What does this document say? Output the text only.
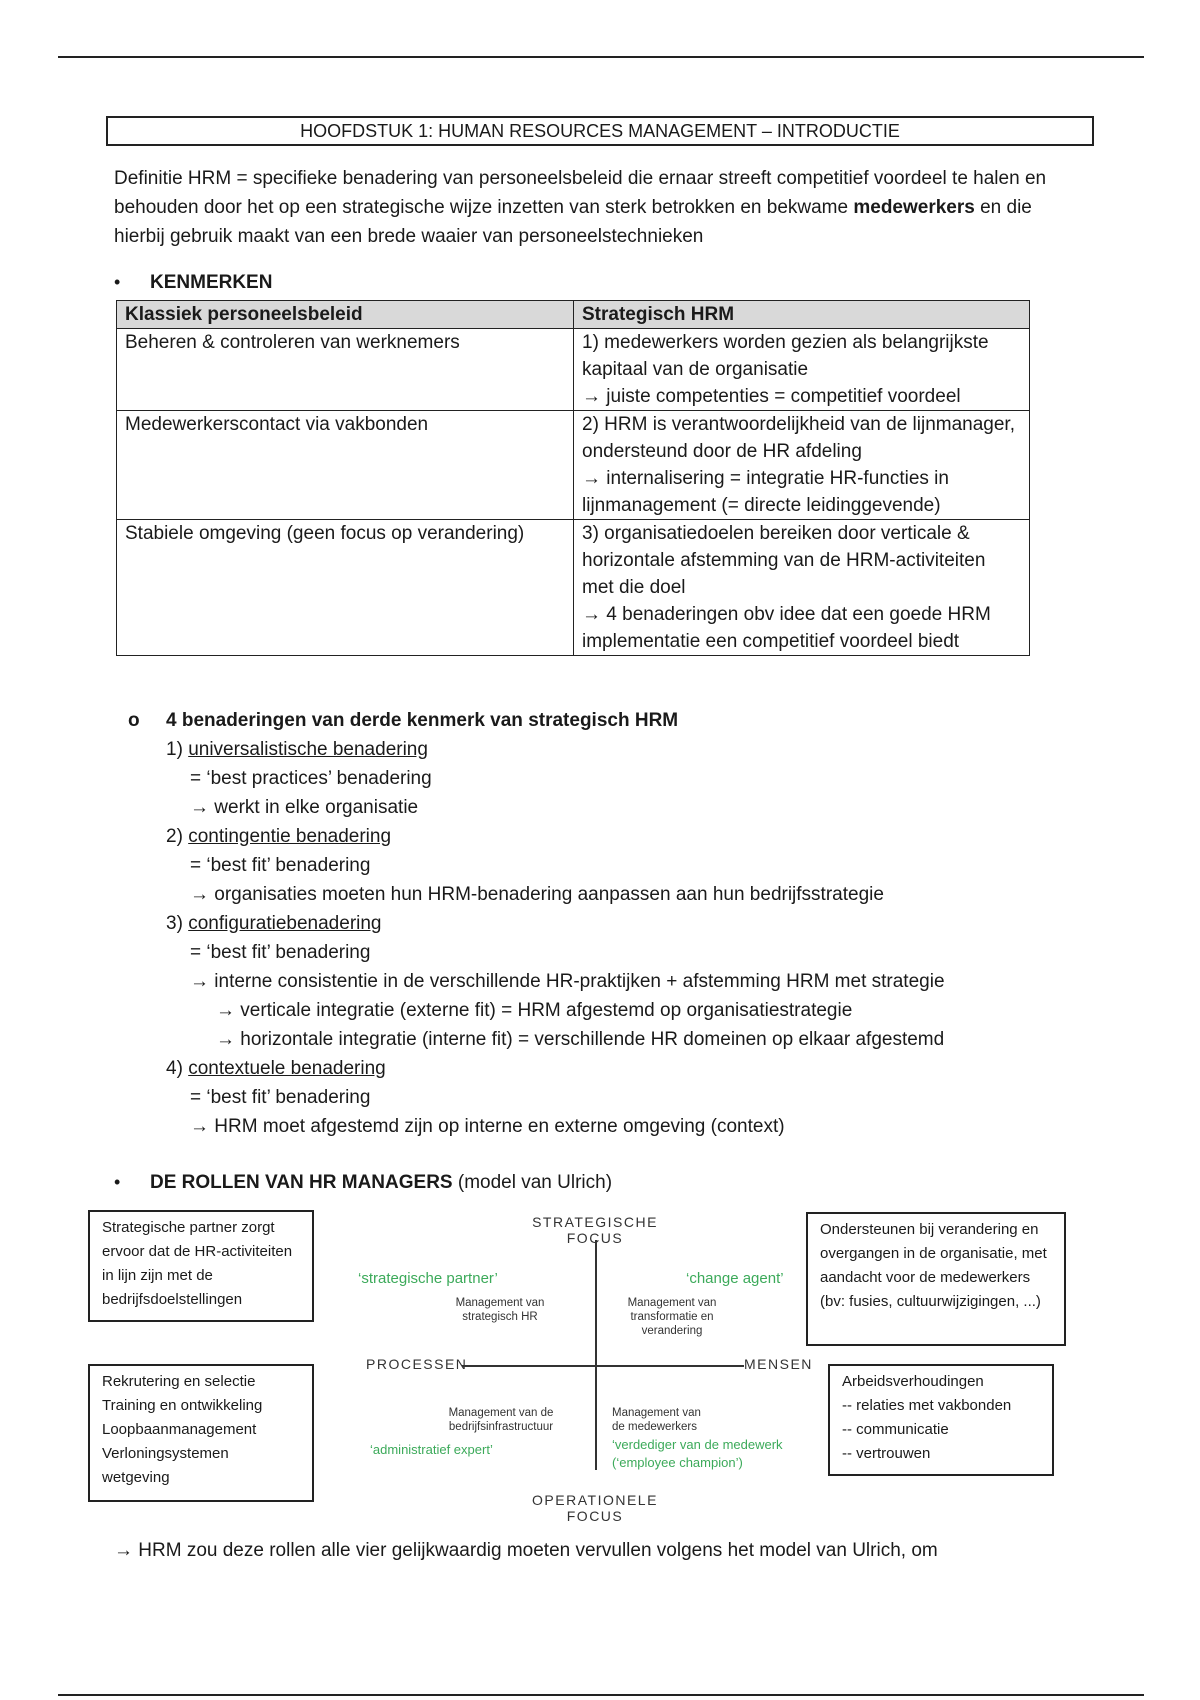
HOOFDSTUK 1: HUMAN RESOURCES MANAGEMENT – INTRODUCTIE
Definitie HRM = specifieke benadering van personeelsbeleid die ernaar streeft competitief voordeel te halen en behouden door het op een strategische wijze inzetten van sterk betrokken en bekwame medewerkers en die hierbij gebruik maakt van een brede waaier van personeelstechnieken
• KENMERKEN
Klassiek personeelsbeleid	Strategisch HRM
Beheren & controleren van werknemers	1) medewerkers worden gezien als belangrijkste kapitaal van de organisatie
→ juiste competenties = competitief voordeel

Medewerkerscontact via vakbonden	2) HRM is verantwoordelijkheid van de lijnmanager, ondersteund door de HR afdeling
→ internalisering = integratie HR-functies in lijnmanagement (= directe leidinggevende)

Stabiele omgeving (geen focus op verandering)	3) organisatiedoelen bereiken door verticale & horizontale afstemming van de HRM-activiteiten met die doel
→ 4 benaderingen obv idee dat een goede HRM implementatie een competitief voordeel biedt
o	4 benaderingen van derde kenmerk van strategisch HRM
1) universalistische benadering
= ‘best practices’ benadering
→ werkt in elke organisatie
2) contingentie benadering
= ‘best fit’ benadering
→ organisaties moeten hun HRM-benadering aanpassen aan hun bedrijfsstrategie
3) configuratiebenadering
= ‘best fit’ benadering
→ interne consistentie in de verschillende HR-praktijken + afstemming HRM met strategie
→ verticale integratie (externe fit) = HRM afgestemd op organisatiestrategie
→ horizontale integratie (interne fit) = verschillende HR domeinen op elkaar afgestemd
4) contextuele benadering
= ‘best fit’ benadering
→ HRM moet afgestemd zijn op interne en externe omgeving (context)
• DE ROLLEN VAN HR MANAGERS (model van Ulrich)
Strategische partner zorgt ervoor dat de HR-activiteiten in lijn zijn met de bedrijfsdoelstellingen
Ondersteunen bij verandering en overgangen in de organisatie, met aandacht voor de medewerkers (bv: fusies, cultuurwijzigingen, ...)
Rekrutering en selectie
Training en ontwikkeling
Loopbaanmanagement
Verloningsystemen
wetgeving
Arbeidsverhoudingen
-- relaties met vakbonden
-- communicatie
-- vertrouwen
STRATEGISCHE
FOCUS
OPERATIONELE
FOCUS
PROCESSEN	MENSEN
‘strategische partner’
Management van
strategisch HR
‘change agent’
Management van
transformatie en
verandering
Management van de
bedrijfsinfrastructuur
‘administratief expert’
Management van
de medewerkers
‘verdediger van de medewerk
(‘employee champion’)
→ HRM zou deze rollen alle vier gelijkwaardig moeten vervullen volgens het model van Ulrich, om
